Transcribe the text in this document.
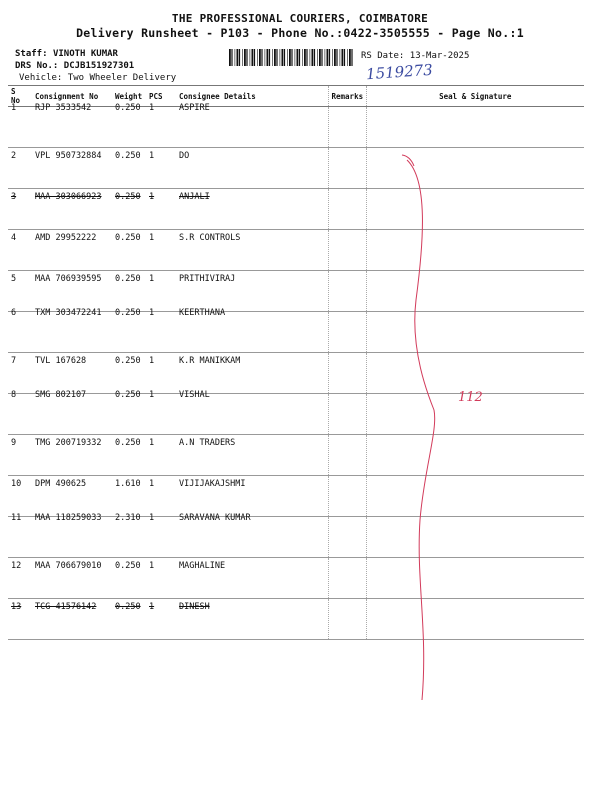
THE PROFESSIONAL COURIERS, COIMBATORE
Delivery Runsheet - P103 - Phone No.:0422-3505555 - Page No.:1
Staff: VINOTH KUMAR
DRS No.: DCJB151927301
Vehicle: Two Wheeler Delivery
RS Date: 13-Mar-2025
1519273
S No	Consignment No	Weight	PCS	Consignee Details	Remarks	Seal & Signature

1	RJP 3533542	0.250	1	ASPIRE		

2	VPL 950732884	0.250	1	DO		

3	MAA 303066923	0.250	1	ANJALI		

4	AMD 29952222	0.250	1	S.R CONTROLS		

5	MAA 706939595	0.250	1	PRITHIVIRAJ		

6	TXM 303472241	0.250	1	KEERTHANA		

7	TVL 167628	0.250	1	K.R MANIKKAM		

8	SMG 802107	0.250	1	VISHAL		

9	TMG 200719332	0.250	1	A.N TRADERS		

10	DPM 490625	1.610	1	VIJIJAKAJSHMI		

11	MAA 118259033	2.310	1	SARAVANA KUMAR		

12	MAA 706679010	0.250	1	MAGHALINE		

13	TCG 41576142	0.250	1	DINESH		

112
